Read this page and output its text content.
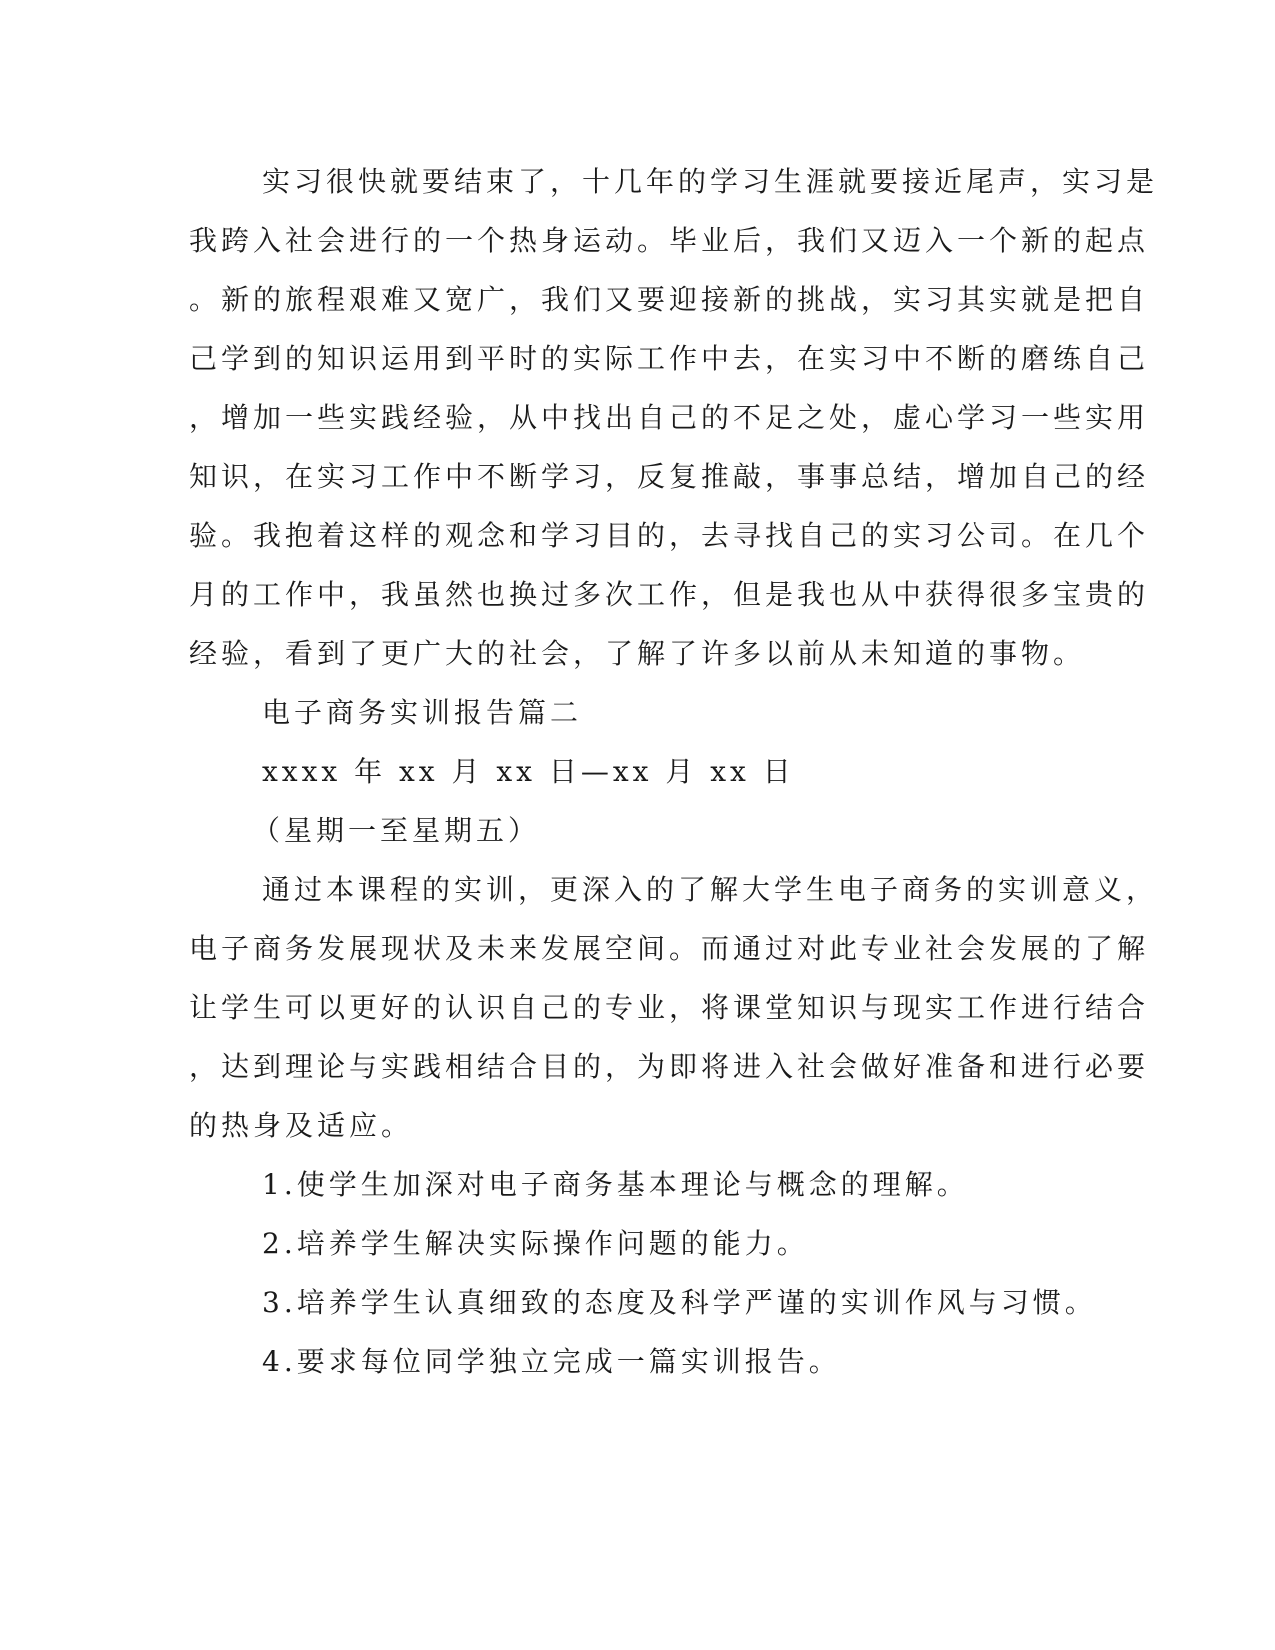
实习很快就要结束了，十几年的学习生涯就要接近尾声，实习是
我跨入社会进行的一个热身运动。毕业后，我们又迈入一个新的起点
。新的旅程艰难又宽广，我们又要迎接新的挑战，实习其实就是把自
己学到的知识运用到平时的实际工作中去，在实习中不断的磨练自己
，增加一些实践经验，从中找出自己的不足之处，虚心学习一些实用
知识，在实习工作中不断学习，反复推敲，事事总结，增加自己的经
验。我抱着这样的观念和学习目的，去寻找自己的实习公司。在几个
月的工作中，我虽然也换过多次工作，但是我也从中获得很多宝贵的
经验，看到了更广大的社会，了解了许多以前从未知道的事物。
电子商务实训报告篇二
xxxx 年 xx 月 xx 日—xx 月 xx 日
（星期一至星期五）
通过本课程的实训，更深入的了解大学生电子商务的实训意义，
电子商务发展现状及未来发展空间。而通过对此专业社会发展的了解
让学生可以更好的认识自己的专业，将课堂知识与现实工作进行结合
，达到理论与实践相结合目的，为即将进入社会做好准备和进行必要
的热身及适应。
1.使学生加深对电子商务基本理论与概念的理解。
2.培养学生解决实际操作问题的能力。
3.培养学生认真细致的态度及科学严谨的实训作风与习惯。
4.要求每位同学独立完成一篇实训报告。
